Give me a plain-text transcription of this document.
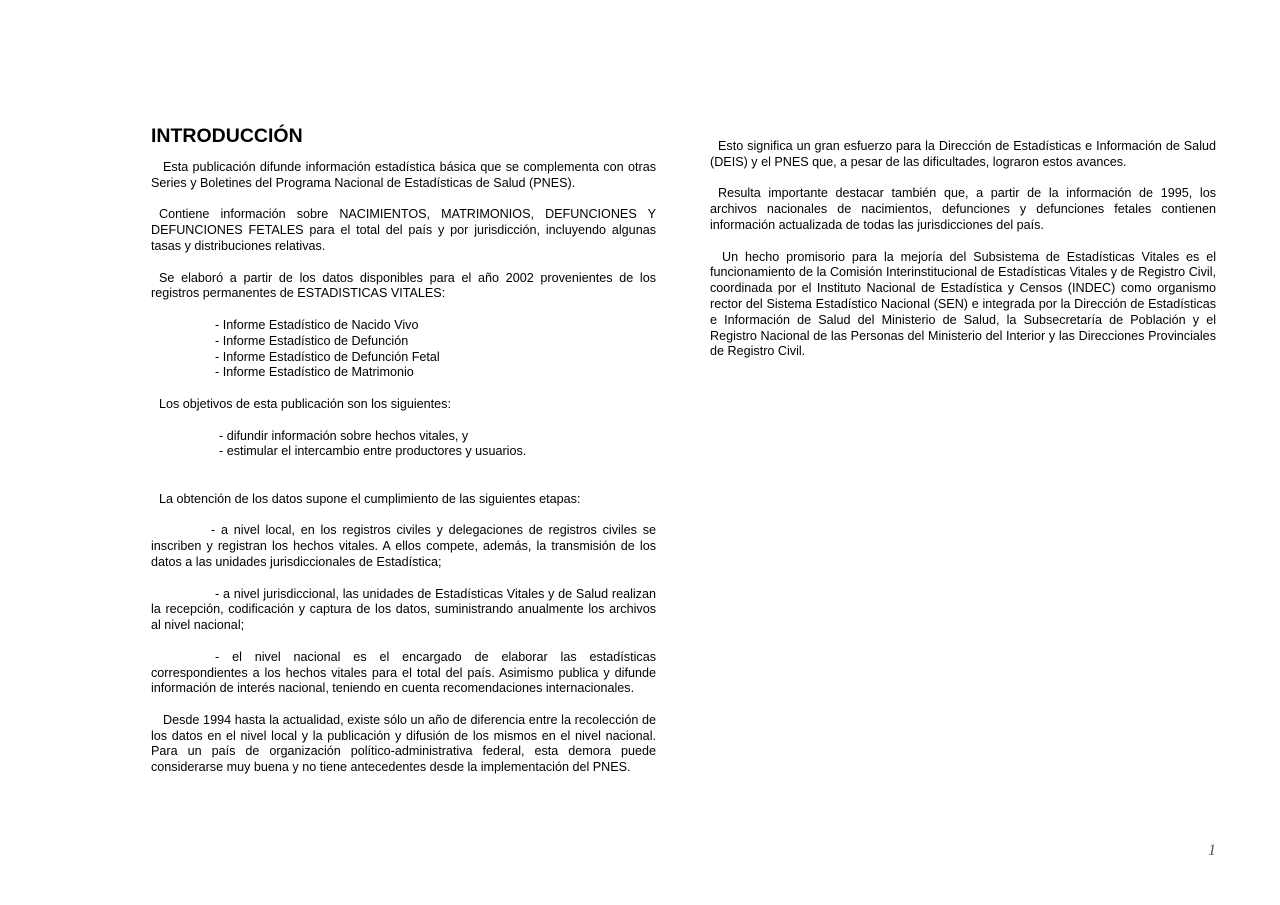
INTRODUCCIÓN

Esta publicación difunde información estadística básica que se complementa con otras Series y Boletines del Programa Nacional de Estadísticas de Salud (PNES).

Contiene información sobre NACIMIENTOS, MATRIMONIOS, DEFUNCIONES Y DEFUNCIONES FETALES para el total del país y por jurisdicción, incluyendo algunas tasas y distribuciones relativas.

Se elaboró a partir de los datos disponibles para el año 2002 provenientes de los registros permanentes de ESTADISTICAS VITALES:

- Informe Estadístico de Nacido Vivo
- Informe Estadístico de Defunción
- Informe Estadístico de Defunción Fetal
- Informe Estadístico de Matrimonio

Los objetivos de esta publicación son los siguientes:

- difundir información sobre hechos vitales, y
- estimular el intercambio entre productores y usuarios.

La obtención de los datos supone el cumplimiento de las siguientes etapas:

- a nivel local, en los registros civiles y delegaciones de registros civiles se inscriben y registran los hechos vitales. A ellos compete, además, la transmisión de los datos a las unidades jurisdiccionales de Estadística;

- a nivel jurisdiccional, las unidades de Estadísticas Vitales y de Salud realizan la recepción, codificación y captura de los datos, suministrando anualmente los archivos al nivel nacional;

- el nivel nacional es el encargado de elaborar las estadísticas correspondientes a los hechos vitales para el total del país. Asimismo publica y difunde información de interés nacional, teniendo en cuenta recomendaciones internacionales.

Desde 1994 hasta la actualidad, existe sólo un año de diferencia entre la recolección de los datos en el nivel local y la publicación y difusión de los mismos en el nivel nacional. Para un país de organización político-administrativa federal, esta demora puede considerarse muy buena y no tiene antecedentes desde la implementación del PNES.

Esto significa un gran esfuerzo para la Dirección de Estadísticas e Información de Salud (DEIS) y el PNES que, a pesar de las dificultades, lograron estos avances.

Resulta importante destacar también que, a partir de la información de 1995, los archivos nacionales de nacimientos, defunciones y defunciones fetales contienen información actualizada de todas las jurisdicciones del país.

Un hecho promisorio para la mejoría del Subsistema de Estadísticas Vitales es el funcionamiento de la Comisión Interinstitucional de Estadísticas Vitales y de Registro Civil, coordinada por el Instituto Nacional de Estadística y Censos (INDEC) como organismo rector del Sistema Estadístico Nacional (SEN) e integrada por la Dirección de Estadísticas e Información de Salud del Ministerio de Salud, la Subsecretaría de Población y el Registro Nacional de las Personas del Ministerio del Interior y las Direcciones Provinciales de Registro Civil.

1
